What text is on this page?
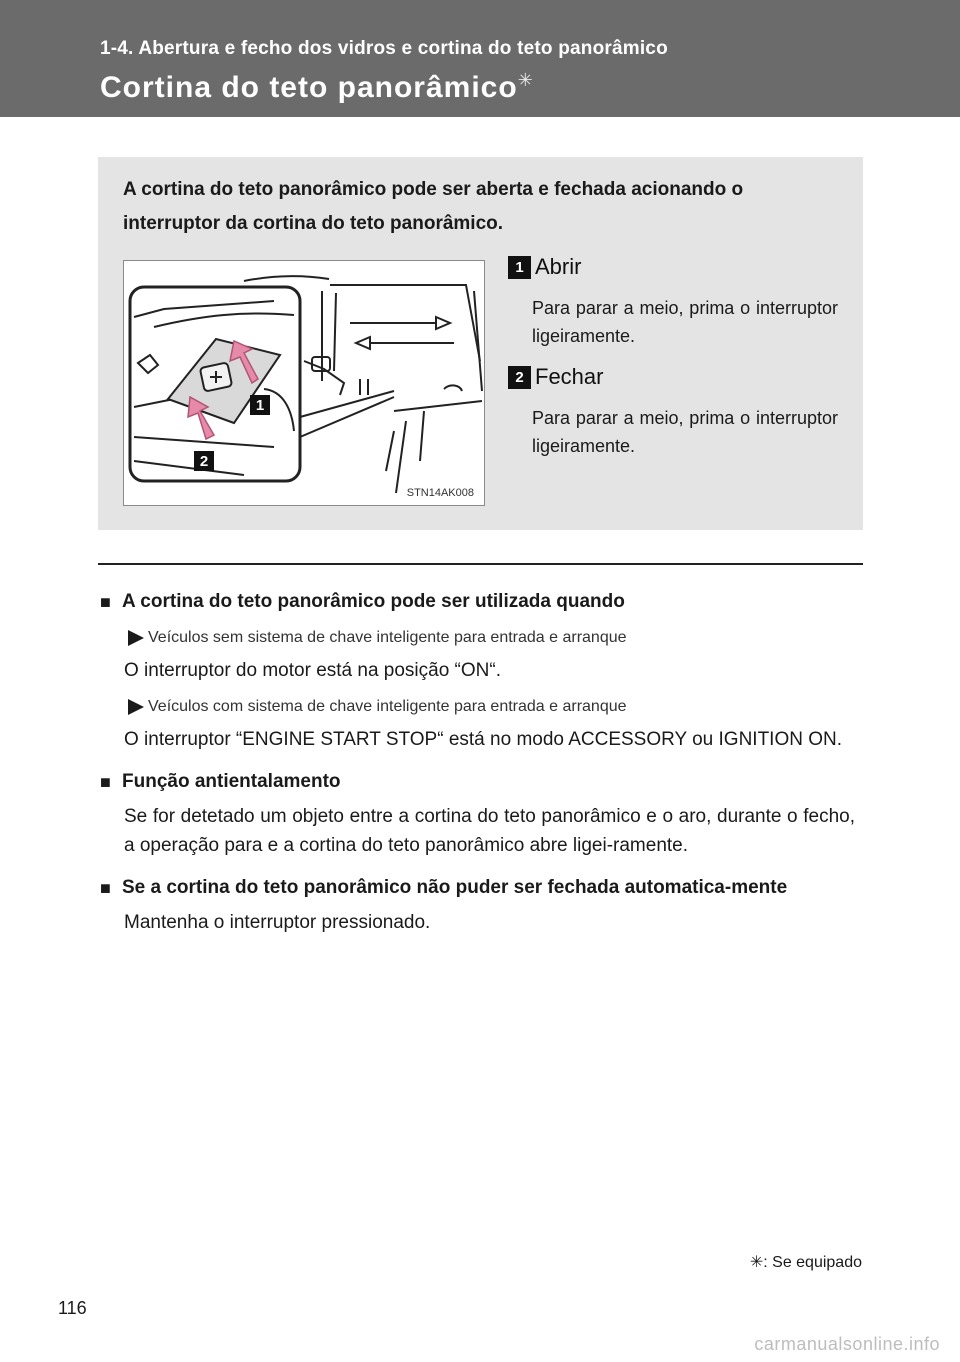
1-4. Abertura e fecho dos vidros e cortina do teto panorâmico
Cortina do teto panorâmico✳

A cortina do teto panorâmico pode ser aberta e fechada acionando o interruptor da cortina do teto panorâmico.

1
2
STN14AK008
1 Abrir

Para parar a meio, prima o interruptor ligeiramente.

2 Fechar

Para parar a meio, prima o interruptor ligeiramente.

■ A cortina do teto panorâmico pode ser utilizada quando
Veículos sem sistema de chave inteligente para entrada e arranque

O interruptor do motor está na posição “ON“.

Veículos com sistema de chave inteligente para entrada e arranque

O interruptor “ENGINE START STOP“ está no modo ACCESSORY ou IGNITION ON.

■ Função antientalamento

Se for detetado um objeto entre a cortina do teto panorâmico e o aro, durante o fecho, a operação para e a cortina do teto panorâmico abre ligei-ramente.

■ Se a cortina do teto panorâmico não puder ser fechada automatica-mente

Mantenha o interruptor pressionado.

✳: Se equipado
116
carmanualsonline.info
